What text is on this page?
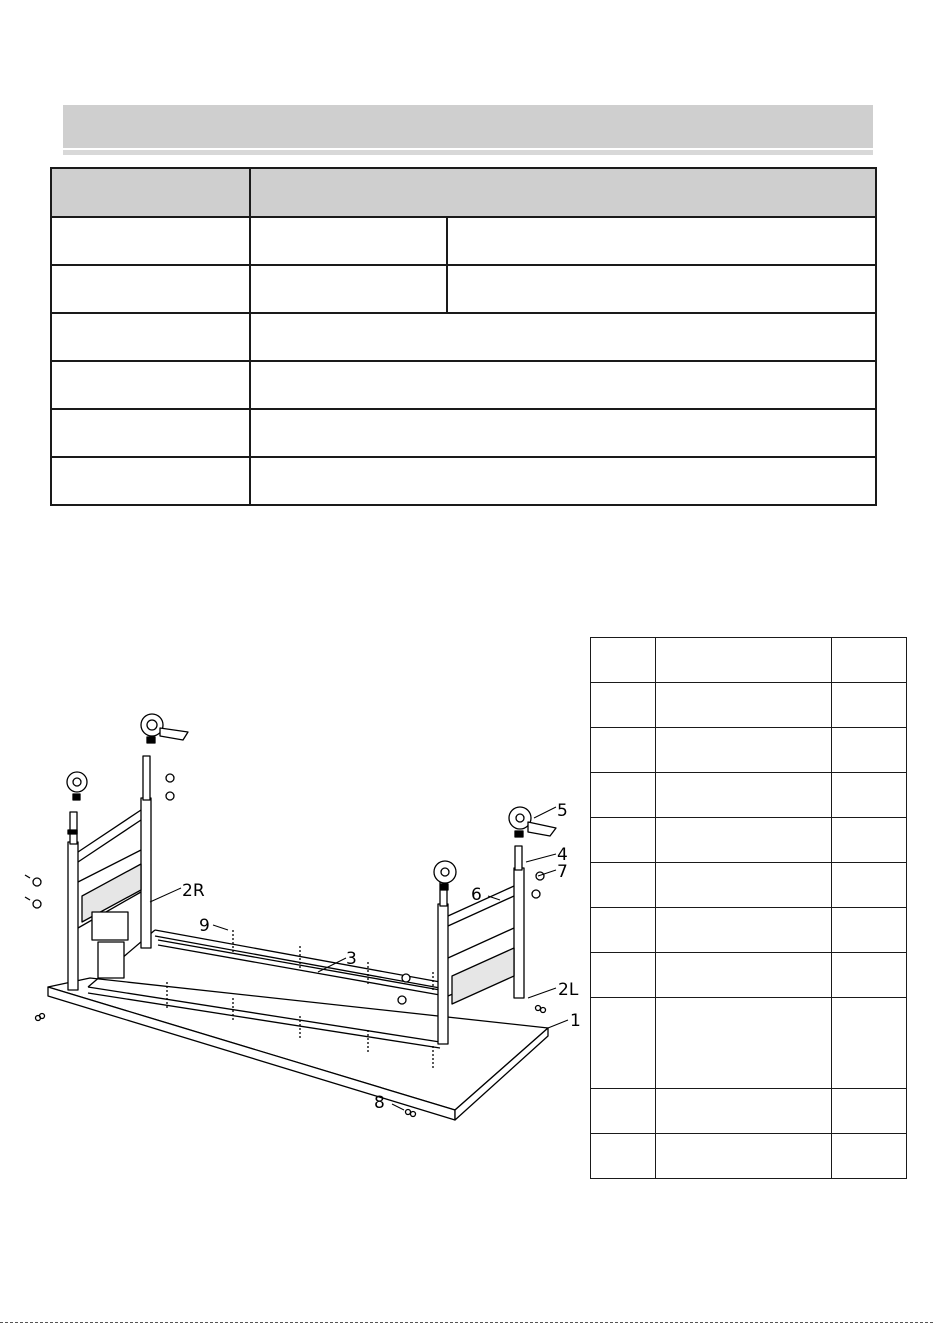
5
4
7
6
2R
9
3
2L
1
8
